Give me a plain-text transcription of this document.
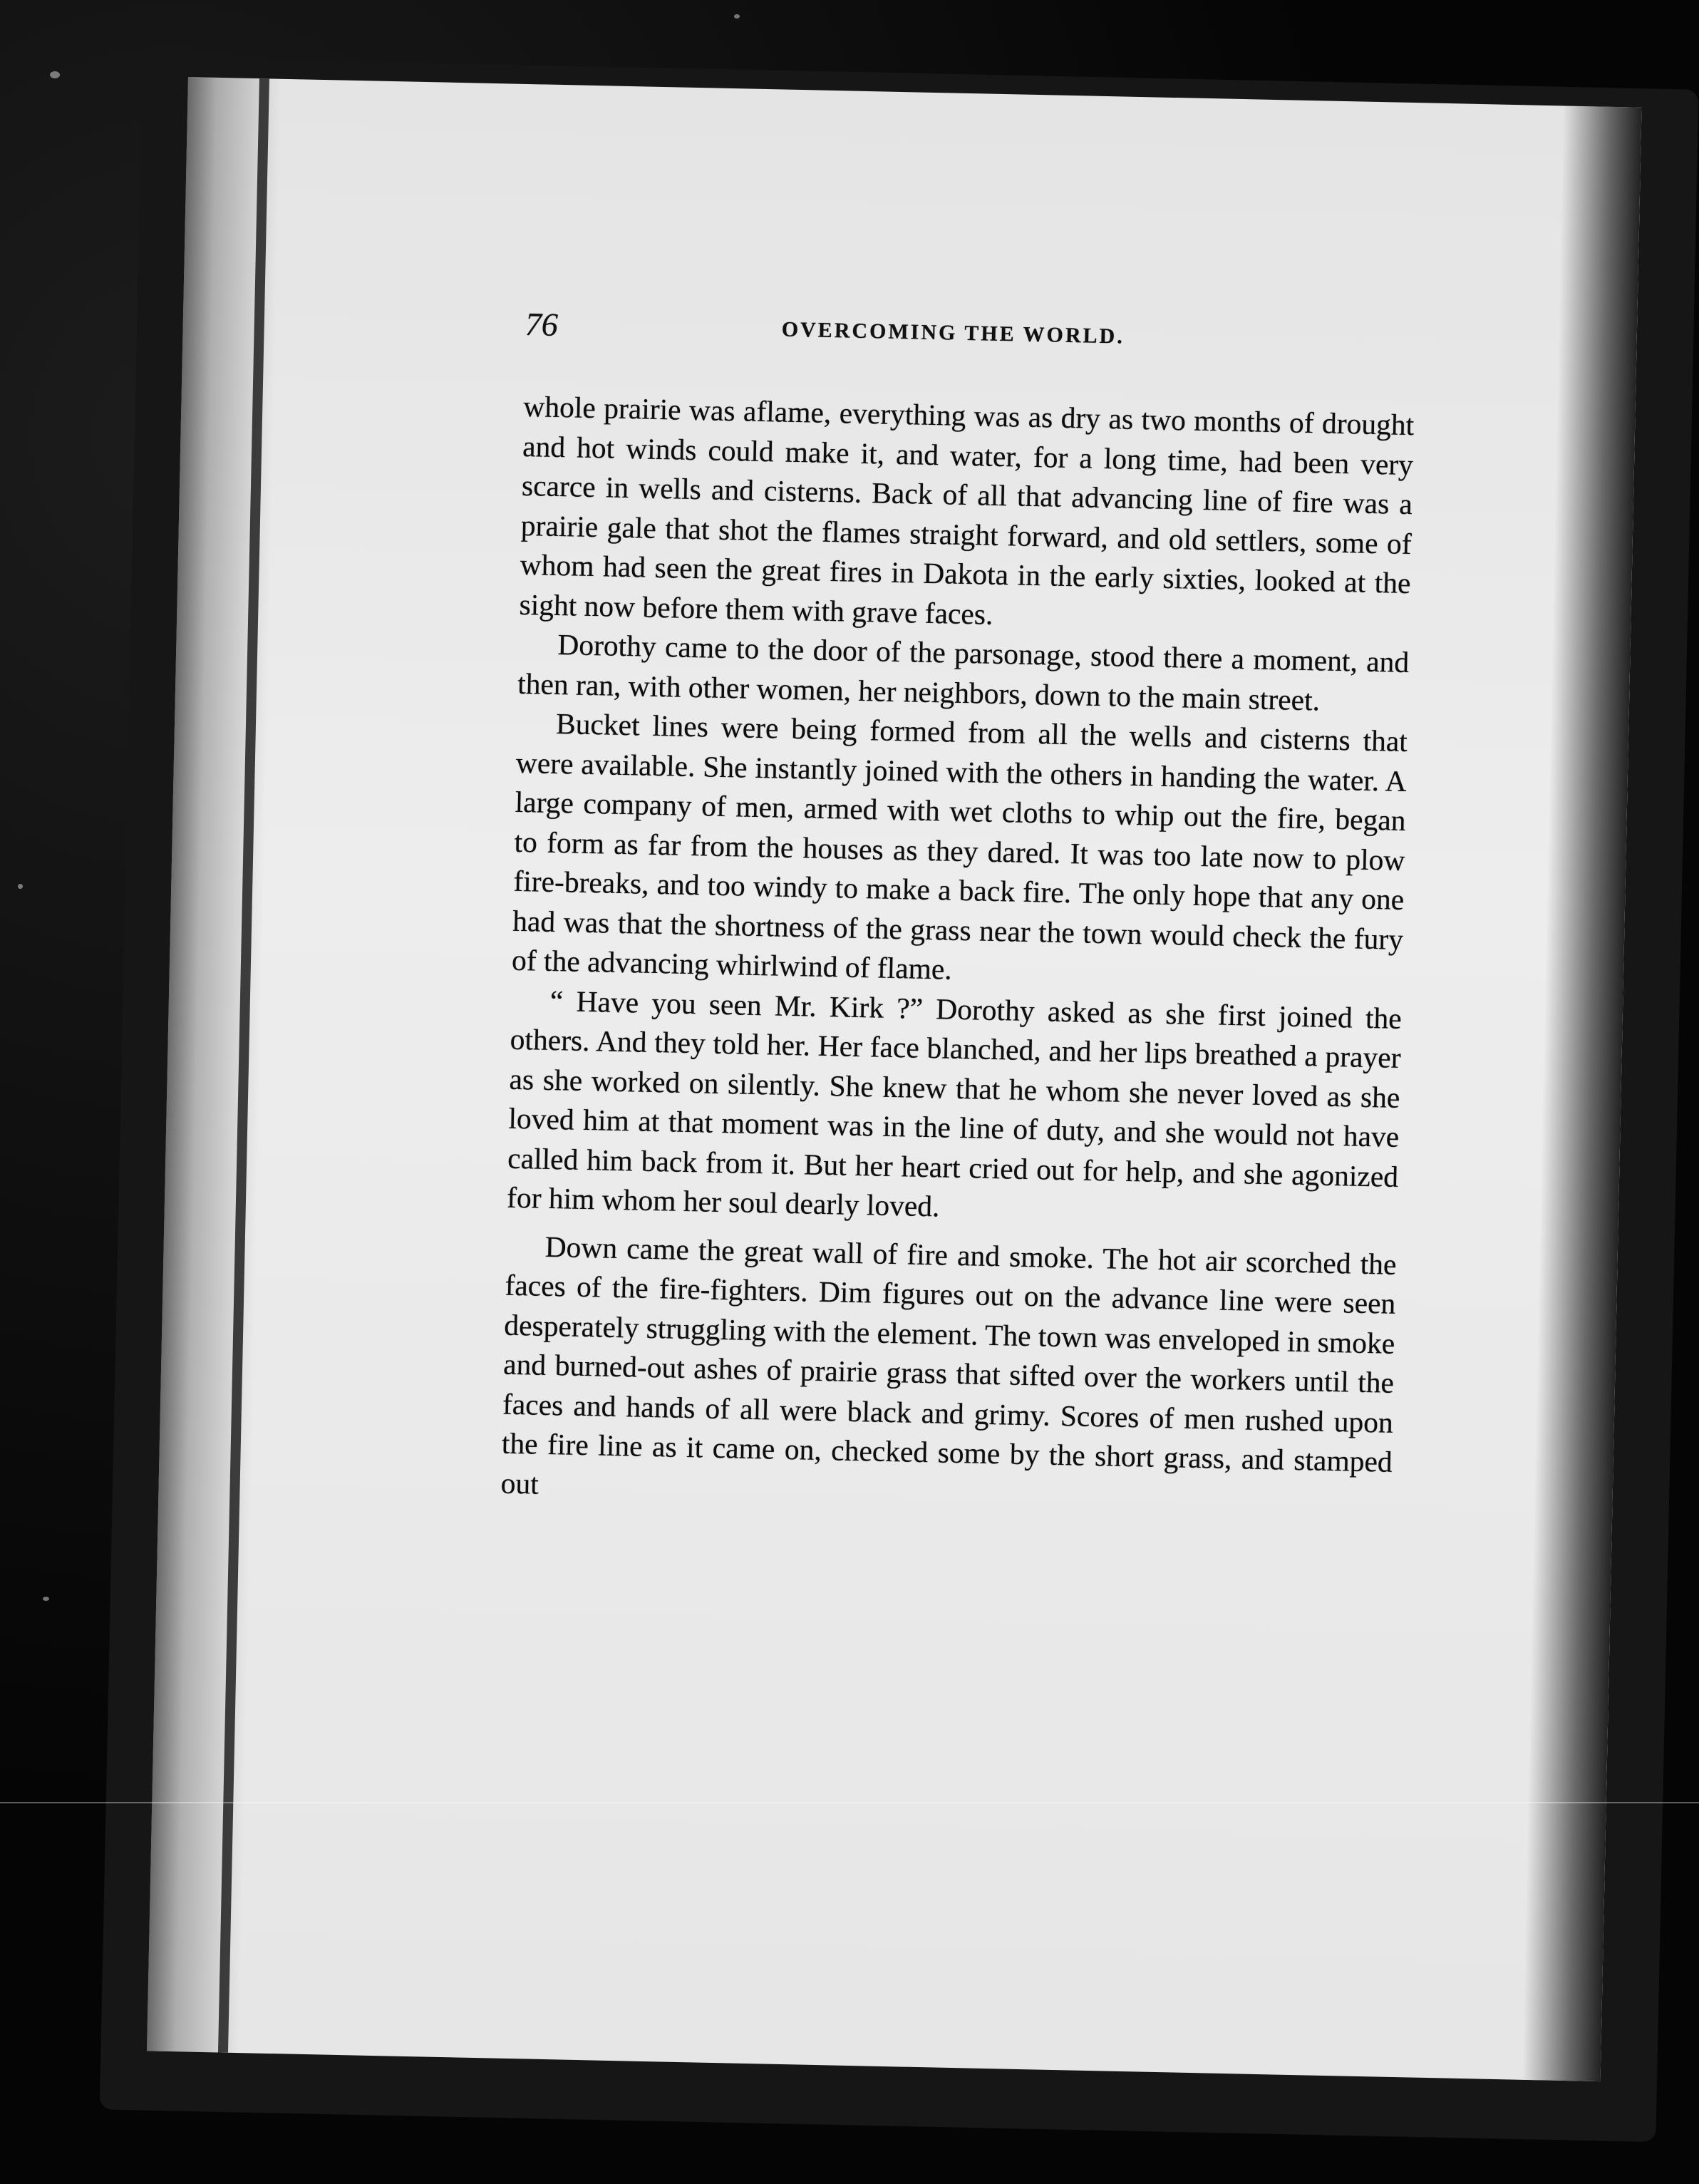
76	OVERCOMING THE WORLD.

whole prairie was aflame, everything was as dry as two months of drought and hot winds could make it, and water, for a long time, had been very scarce in wells and cisterns. Back of all that advancing line of fire was a prairie gale that shot the flames straight forward, and old settlers, some of whom had seen the great fires in Dakota in the early sixties, looked at the sight now before them with grave faces.

Dorothy came to the door of the parsonage, stood there a moment, and then ran, with other women, her neighbors, down to the main street.

Bucket lines were being formed from all the wells and cisterns that were available. She instantly joined with the others in handing the water. A large company of men, armed with wet cloths to whip out the fire, began to form as far from the houses as they dared. It was too late now to plow fire-breaks, and too windy to make a back fire. The only hope that any one had was that the shortness of the grass near the town would check the fury of the advancing whirlwind of flame.

“ Have you seen Mr. Kirk ?” Dorothy asked as she first joined the others. And they told her. Her face blanched, and her lips breathed a prayer as she worked on silently. She knew that he whom she never loved as she loved him at that moment was in the line of duty, and she would not have called him back from it. But her heart cried out for help, and she agonized for him whom her soul dearly loved.

Down came the great wall of fire and smoke. The hot air scorched the faces of the fire-fighters. Dim figures out on the advance line were seen desperately struggling with the element. The town was enveloped in smoke and burned-out ashes of prairie grass that sifted over the workers until the faces and hands of all were black and grimy. Scores of men rushed upon the fire line as it came on, checked some by the short grass, and stamped out
